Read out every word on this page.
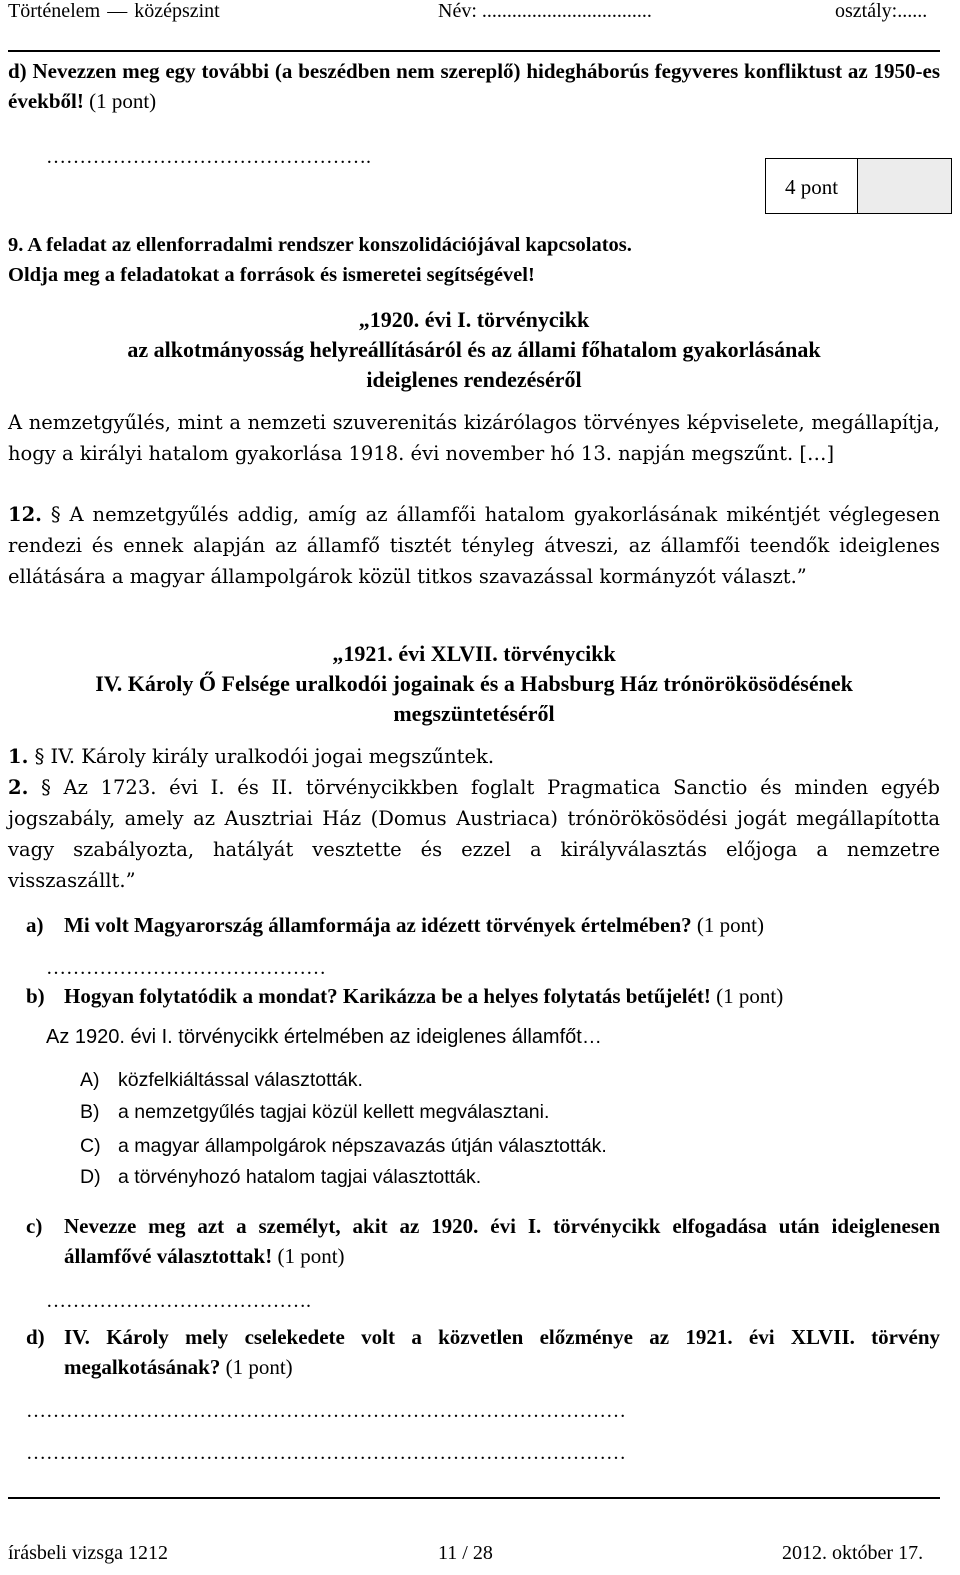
Történelem — középszint	Név: ..................................	osztály:......
d) Nevezzen meg egy további (a beszédben nem szereplő) hidegháborús fegyveres konfliktust az 1950-es évekből! (1 pont)
………………………………………….
4 pont
9. A feladat az ellenforradalmi rendszer konszolidációjával kapcsolatos.
Oldja meg a feladatokat a források és ismeretei segítségével!
„1920. évi I. törvénycikk
az alkotmányosság helyreállításáról és az állami főhatalom gyakorlásának
ideiglenes rendezéséről
A nemzetgyűlés, mint a nemzeti szuverenitás kizárólagos törvényes képviselete, megállapítja, hogy a királyi hatalom gyakorlása 1918. évi november hó 13. napján megszűnt. […]
12. § A nemzetgyűlés addig, amíg az államfői hatalom gyakorlásának mikéntjét véglegesen rendezi és ennek alapján az államfő tisztét tényleg átveszi, az államfői teendők ideiglenes ellátására a magyar állampolgárok közül titkos szavazással kormányzót választ.”
„1921. évi XLVII. törvénycikk
IV. Károly Ő Felsége uralkodói jogainak és a Habsburg Ház trónörökösödésének
megszüntetéséről
1. § IV. Károly király uralkodói jogai megszűntek.
2. § Az 1723. évi I. és II. törvénycikkben foglalt Pragmatica Sanctio és minden egyéb jogszabály, amely az Ausztriai Ház (Domus Austriaca) trónörökösödési jogát megállapította vagy szabályozta, hatályát vesztette és ezzel a királyválasztás előjoga a nemzetre visszaszállt.”
a) Mi volt Magyarország államformája az idézett törvények értelmében? (1 pont)
……………………………………
b) Hogyan folytatódik a mondat? Karikázza be a helyes folytatás betűjelét! (1 pont)
Az 1920. évi I. törvénycikk értelmében az ideiglenes államfőt…
A) közfelkiáltással választották.
B) a nemzetgyűlés tagjai közül kellett megválasztani.
C) a magyar állampolgárok népszavazás útján választották.
D) a törvényhozó hatalom tagjai választották.
c) Nevezze meg azt a személyt, akit az 1920. évi I. törvénycikk elfogadása után ideiglenesen államfővé választottak! (1 pont)
………………………………….
d) IV. Károly mely cselekedete volt a közvetlen előzménye az 1921. évi XLVII. törvény megalkotásának? (1 pont)
………………………………………………………………………………
………………………………………………………………………………
írásbeli vizsga 1212	11 / 28	2012. október 17.
